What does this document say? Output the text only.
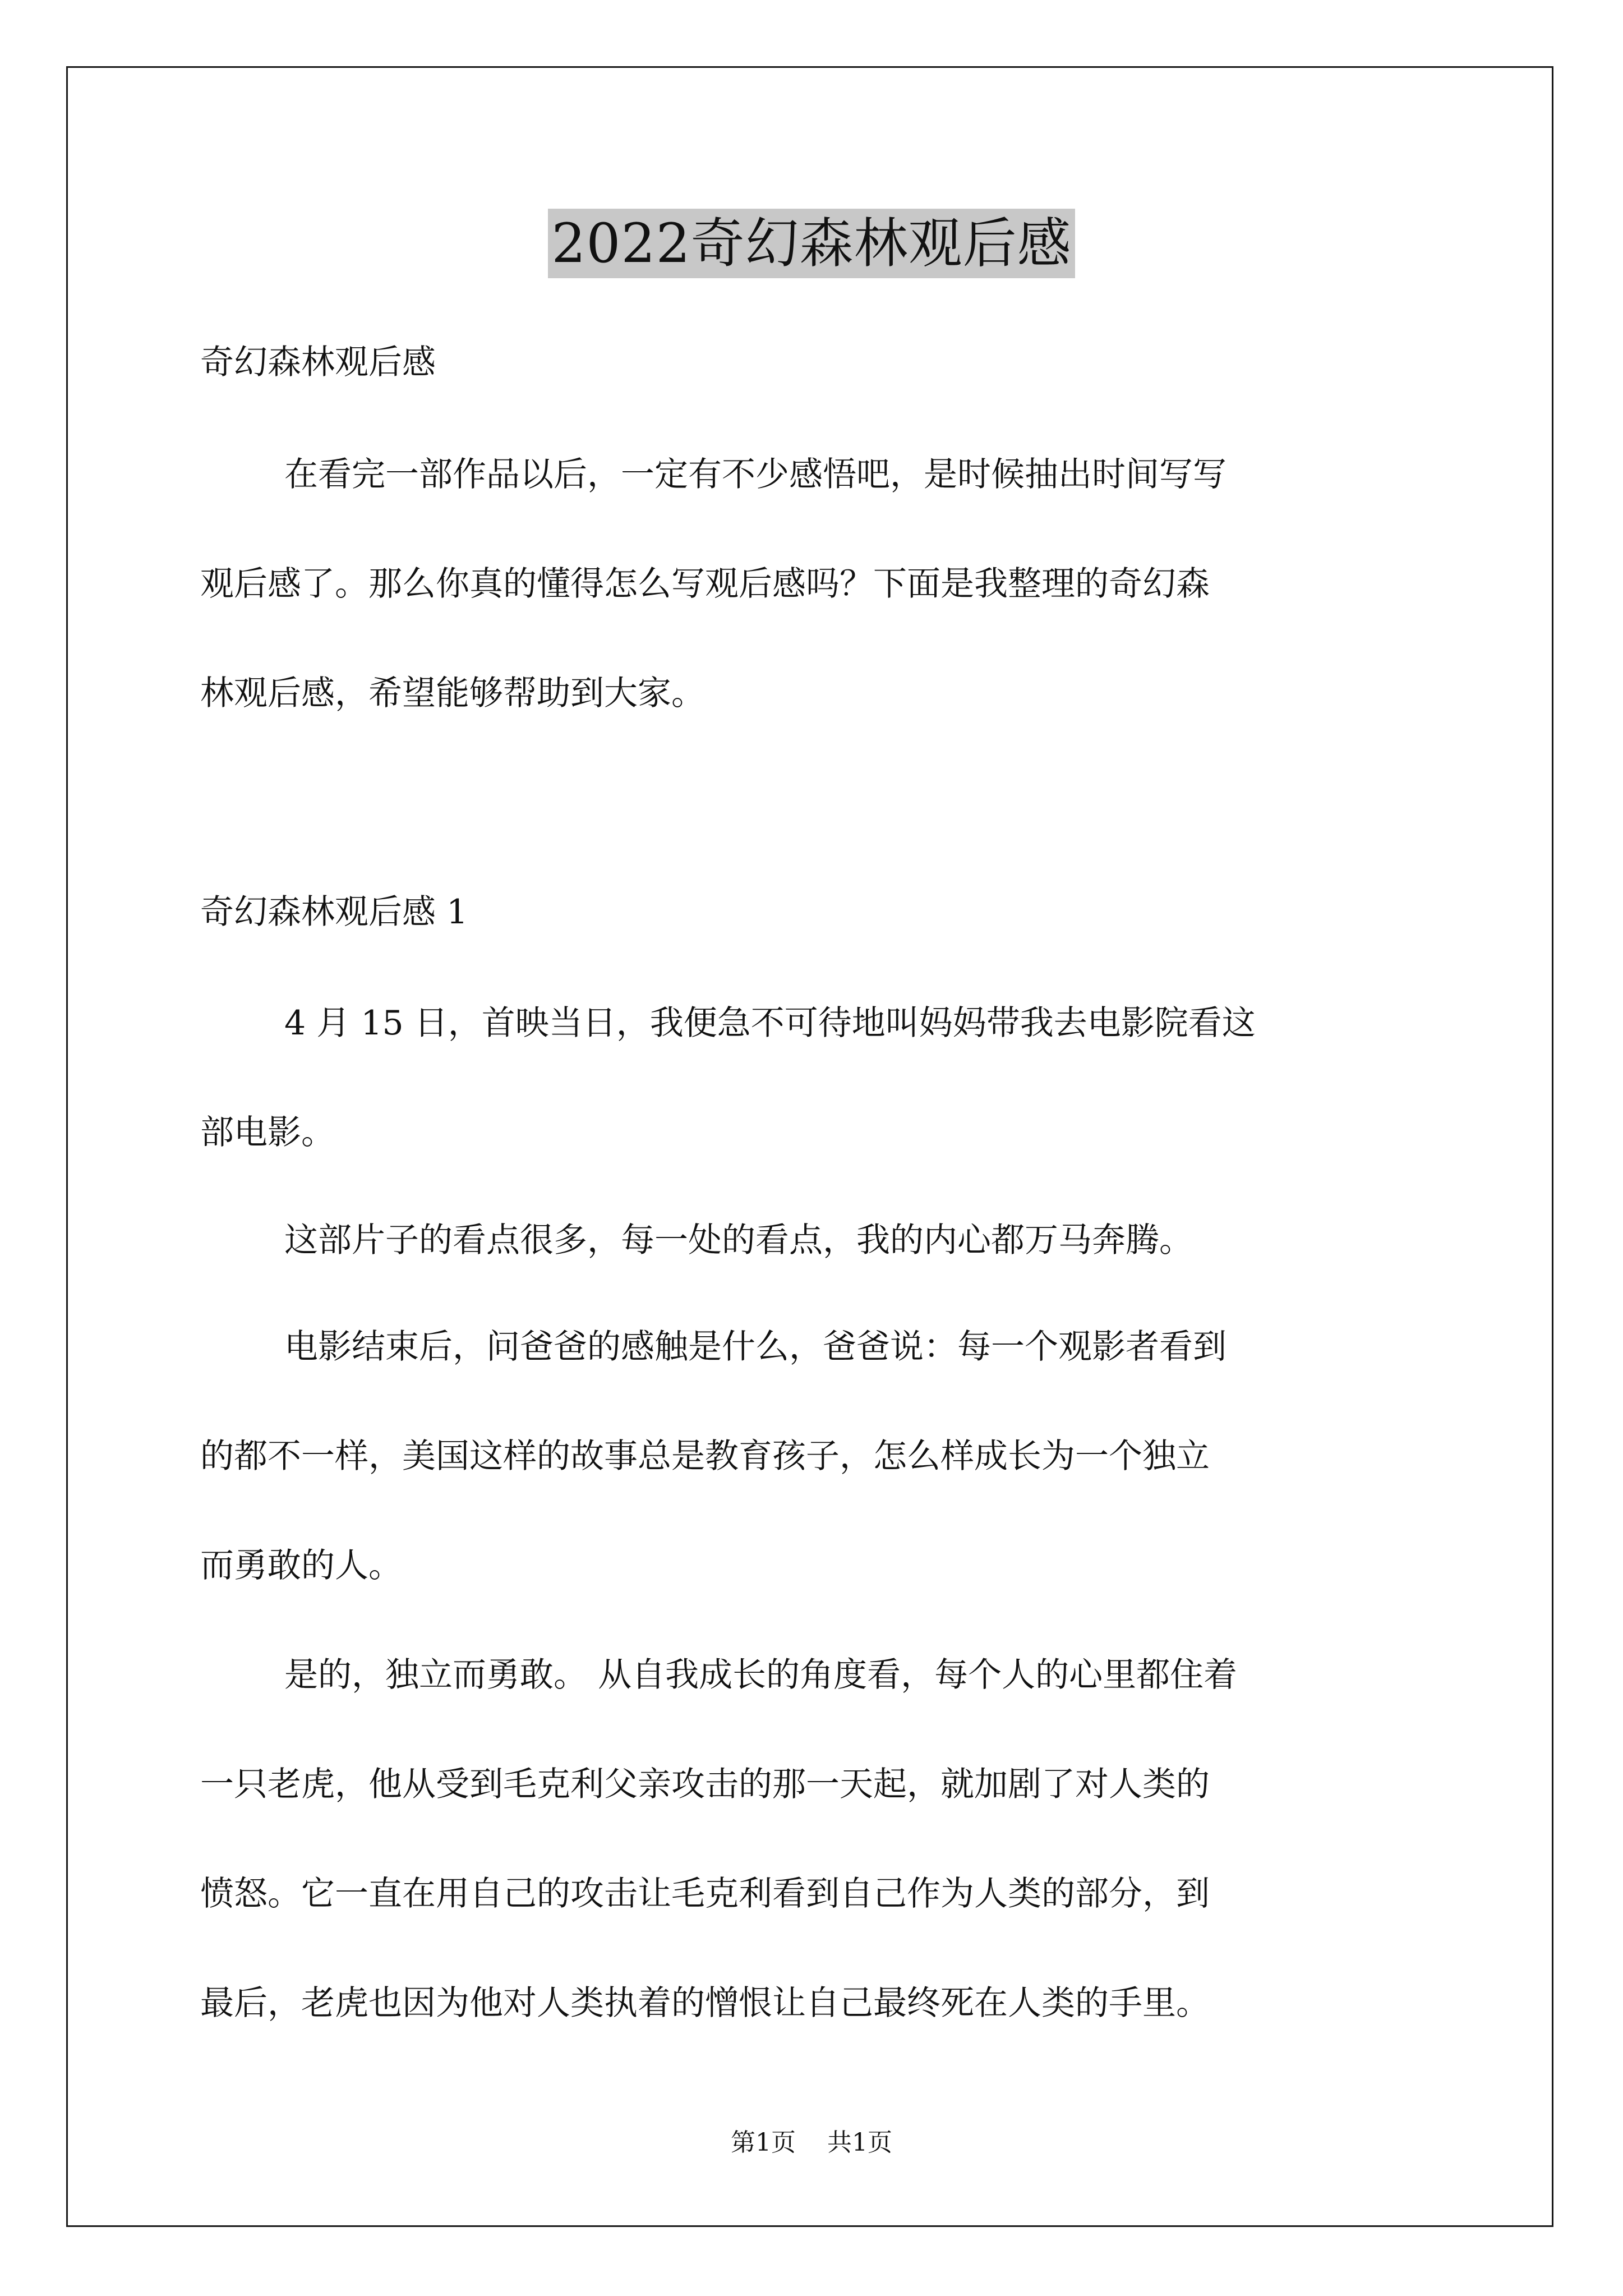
2022奇幻森林观后感
奇幻森林观后感
在看完一部作品以后，一定有不少感悟吧，是时候抽出时间写写
观后感了。那么你真的懂得怎么写观后感吗？下面是我整理的奇幻森
林观后感，希望能够帮助到大家。
奇幻森林观后感 1
4 月 15 日，首映当日，我便急不可待地叫妈妈带我去电影院看这
部电影。
这部片子的看点很多，每一处的看点，我的内心都万马奔腾。
电影结束后，问爸爸的感触是什么，爸爸说：每一个观影者看到
的都不一样，美国这样的故事总是教育孩子，怎么样成长为一个独立
而勇敢的人。
是的，独立而勇敢。 从自我成长的角度看，每个人的心里都住着
一只老虎，他从受到毛克利父亲攻击的那一天起，就加剧了对人类的
愤怒。它一直在用自己的攻击让毛克利看到自己作为人类的部分，到
最后，老虎也因为他对人类执着的憎恨让自己最终死在人类的手里。
第1页 共1页
